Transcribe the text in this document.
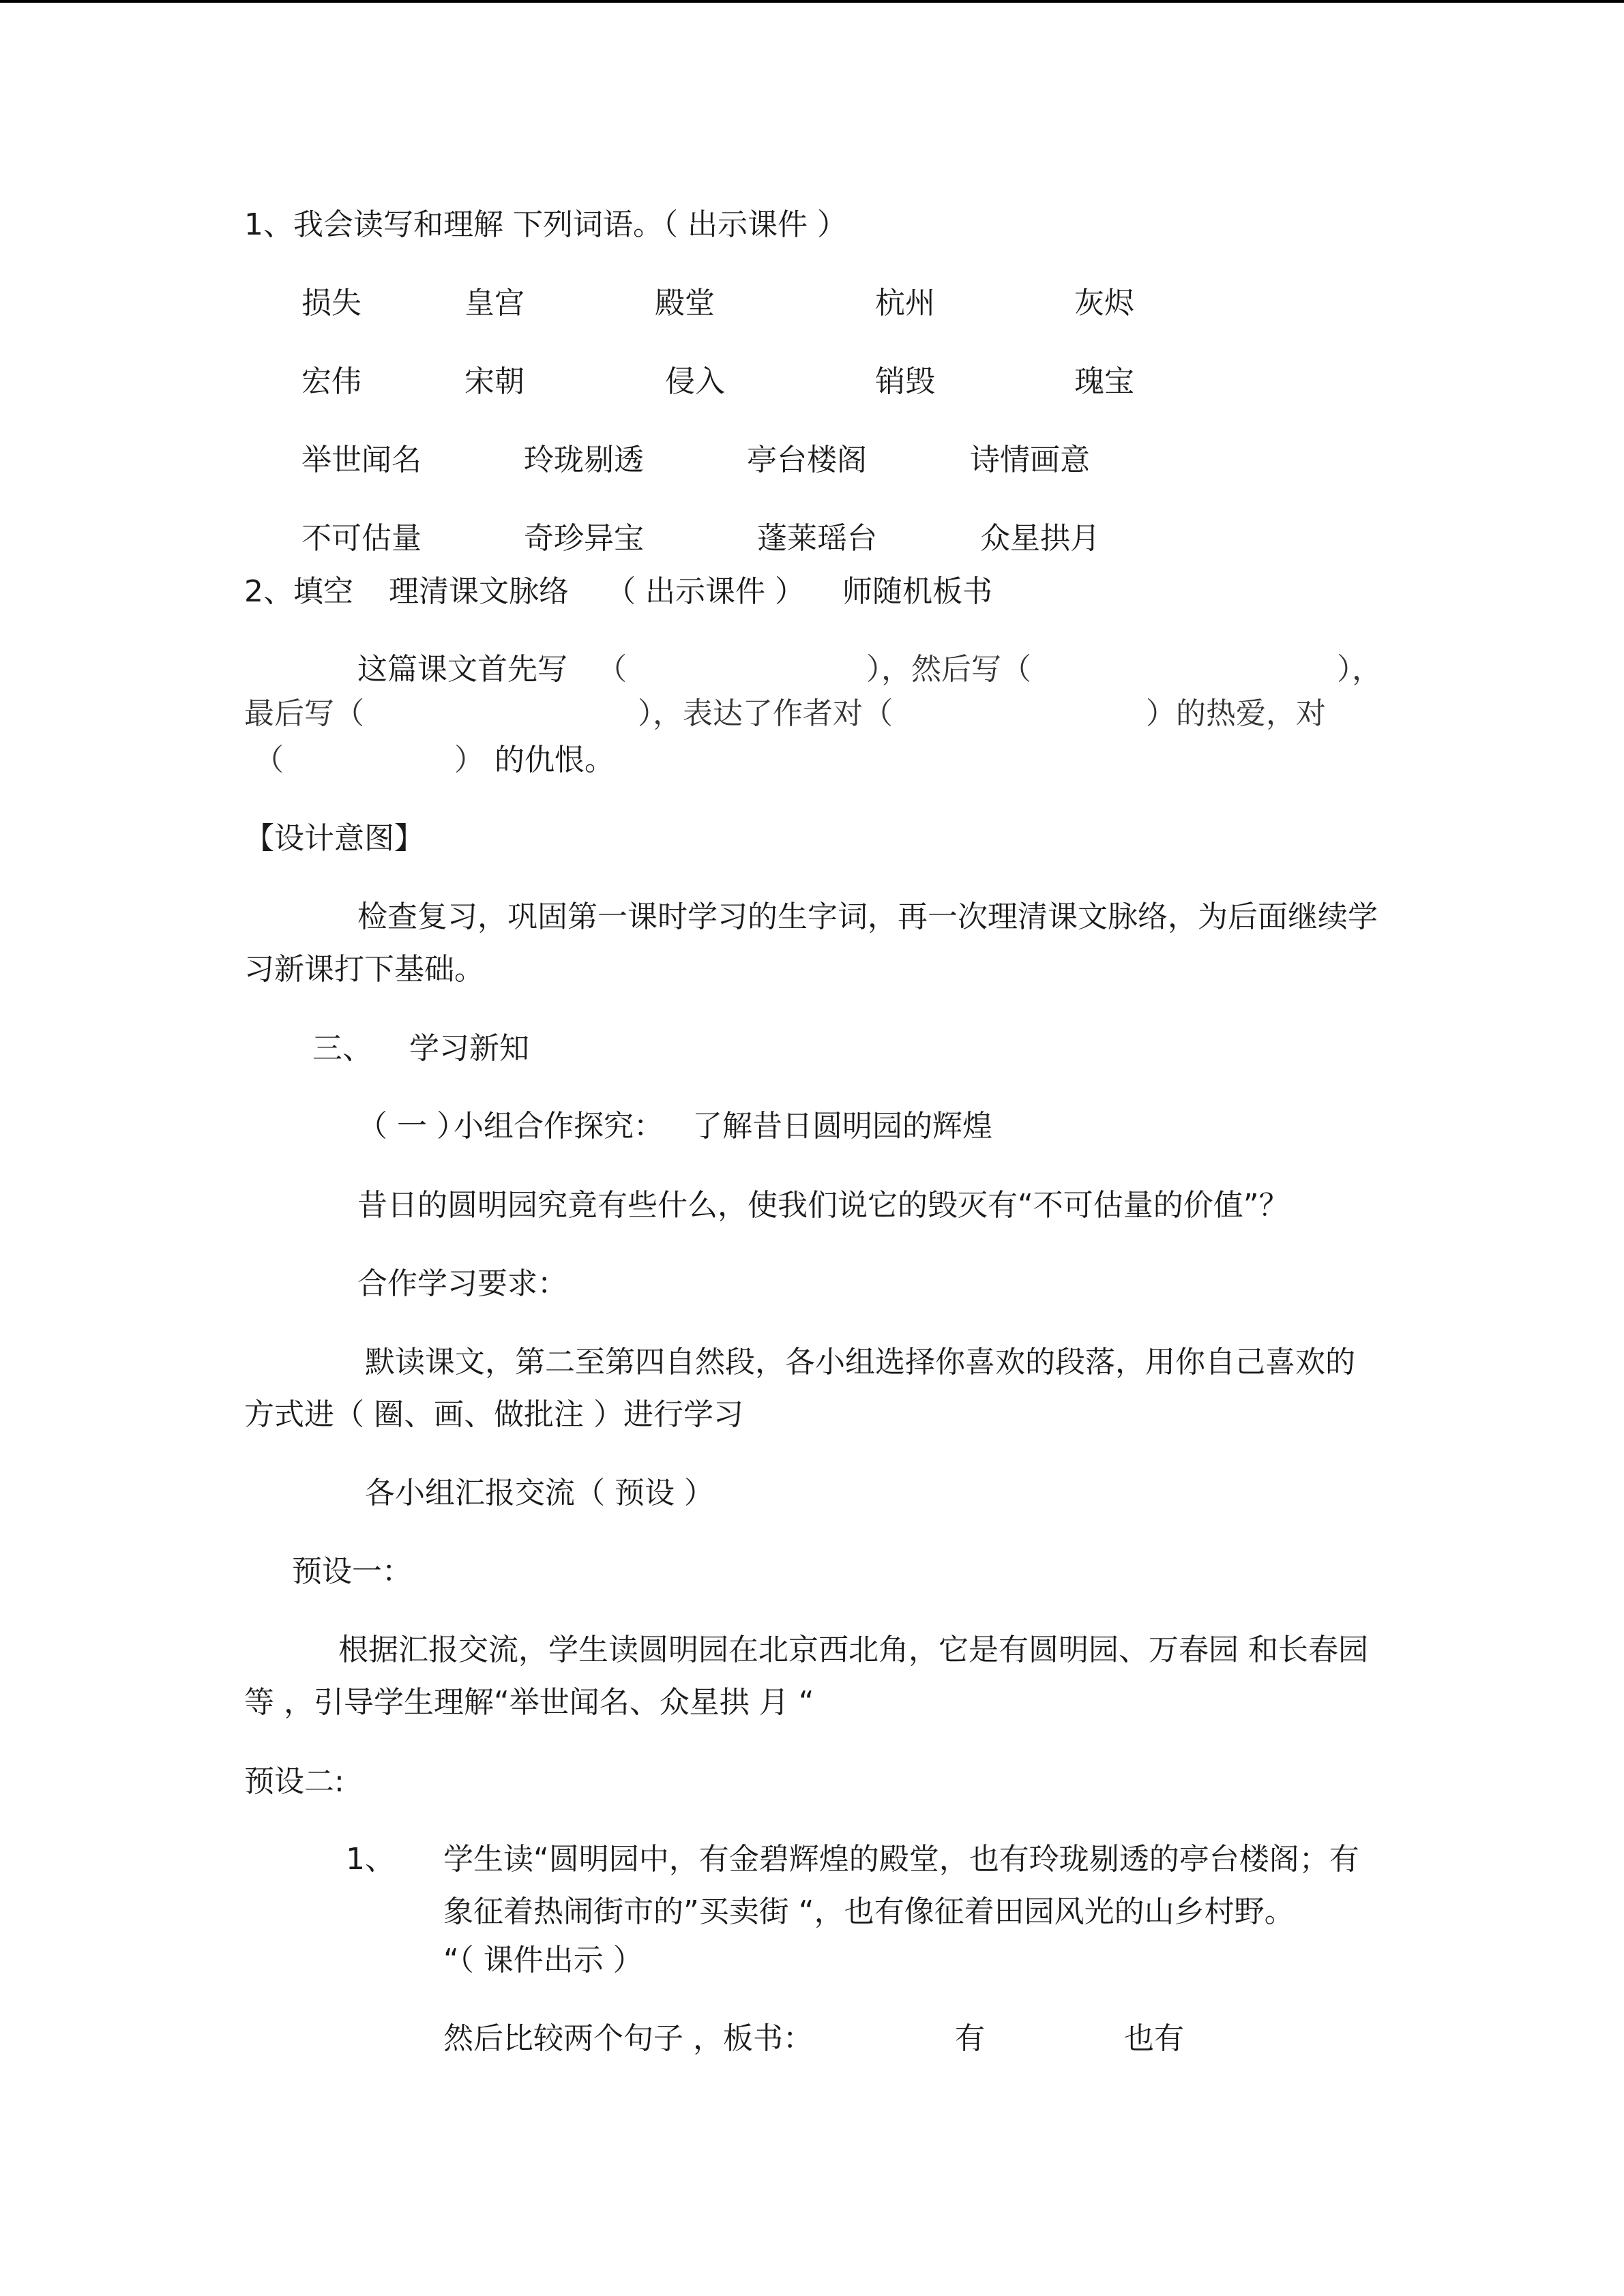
1、我会读写和理解 下列词语。（ 出示课件 ）
损失	皇宫	殿堂	杭州	灰烬
宏伟	宋朝	侵入	销毁	瑰宝
举世闻名	玲珑剔透	亭台楼阁	诗情画意
不可估量	奇珍异宝	蓬莱瑶台	众星拱月
2、填空 理清课文脉络 （ 出示课件 ） 师随机板书
这篇课文首先写 （	），然后写（	），
最后写（	），表达了作者对（	）的热爱，对
（	） 的仇恨。
【设计意图】
检查复习，巩固第一课时学习的生字词，再一次理清课文脉络，为后面继续学
习新课打下基础。
三、 学习新知
（ 一 ）
小组合作探究： 了解昔日圆明园的辉煌
昔日的圆明园究竟有些什么，使我们说它的毁灭有“不可估量的价值”？
合作学习要求：
默读课文，第二至第四自然段，各小组选择你喜欢的段落，用你自己喜欢的
方式进（ 圈、画、做批注 ）进行学习
各小组汇报交流（ 预设 ）
预设一：
根据汇报交流，学生读圆明园在北京西北角，它是有圆明园、万春园 和长春园
等 ，引导学生理解“举世闻名、众星拱 月 “
预设二:
1、 学生读“圆明园中，有金碧辉煌的殿堂，也有玲珑剔透的亭台楼阁；有
象征着热闹街市的”买卖街 “，也有像征着田园风光的山乡村野。
“（ 课件出示 ）
然后比较两个句子 ，板书：	有	也有
